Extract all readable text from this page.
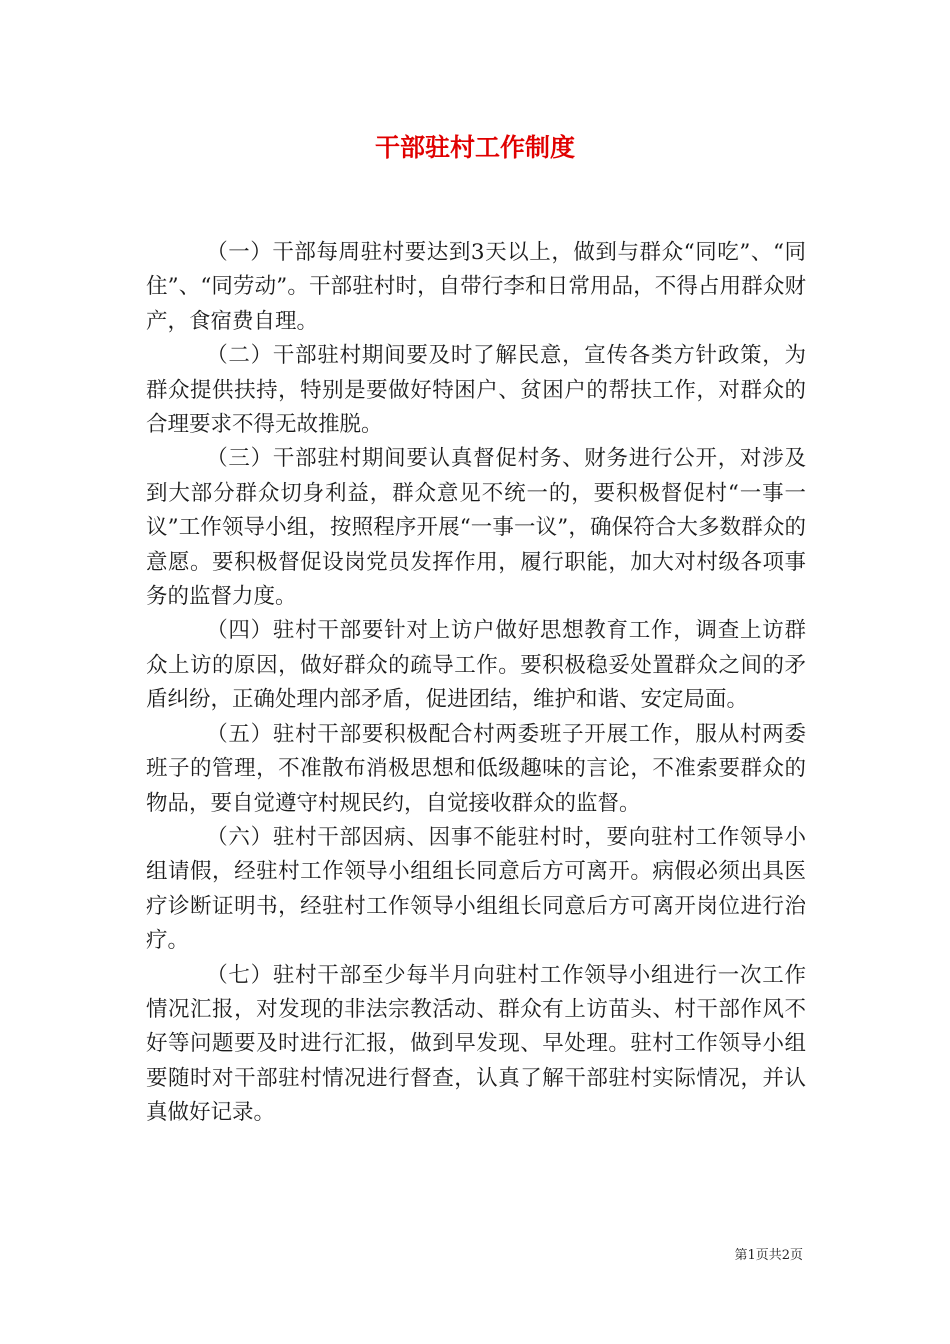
干部驻村工作制度

（一）干部每周驻村要达到3天以上，做到与群众“同吃”、“同住”、“同劳动”。干部驻村时，自带行李和日常用品，不得占用群众财产，食宿费自理。

（二）干部驻村期间要及时了解民意，宣传各类方针政策，为群众提供扶持，特别是要做好特困户、贫困户的帮扶工作，对群众的合理要求不得无故推脱。

（三）干部驻村期间要认真督促村务、财务进行公开，对涉及到大部分群众切身利益，群众意见不统一的，要积极督促村“一事一议”工作领导小组，按照程序开展“一事一议”，确保符合大多数群众的意愿。要积极督促设岗党员发挥作用，履行职能，加大对村级各项事务的监督力度。

（四）驻村干部要针对上访户做好思想教育工作，调查上访群众上访的原因，做好群众的疏导工作。要积极稳妥处置群众之间的矛盾纠纷，正确处理内部矛盾，促进团结，维护和谐、安定局面。

（五）驻村干部要积极配合村两委班子开展工作，服从村两委班子的管理，不准散布消极思想和低级趣味的言论，不准索要群众的物品，要自觉遵守村规民约，自觉接收群众的监督。

（六）驻村干部因病、因事不能驻村时，要向驻村工作领导小组请假，经驻村工作领导小组组长同意后方可离开。病假必须出具医疗诊断证明书，经驻村工作领导小组组长同意后方可离开岗位进行治疗。

（七）驻村干部至少每半月向驻村工作领导小组进行一次工作情况汇报，对发现的非法宗教活动、群众有上访苗头、村干部作风不好等问题要及时进行汇报，做到早发现、早处理。驻村工作领导小组要随时对干部驻村情况进行督查，认真了解干部驻村实际情况，并认真做好记录。

第1页共2页
